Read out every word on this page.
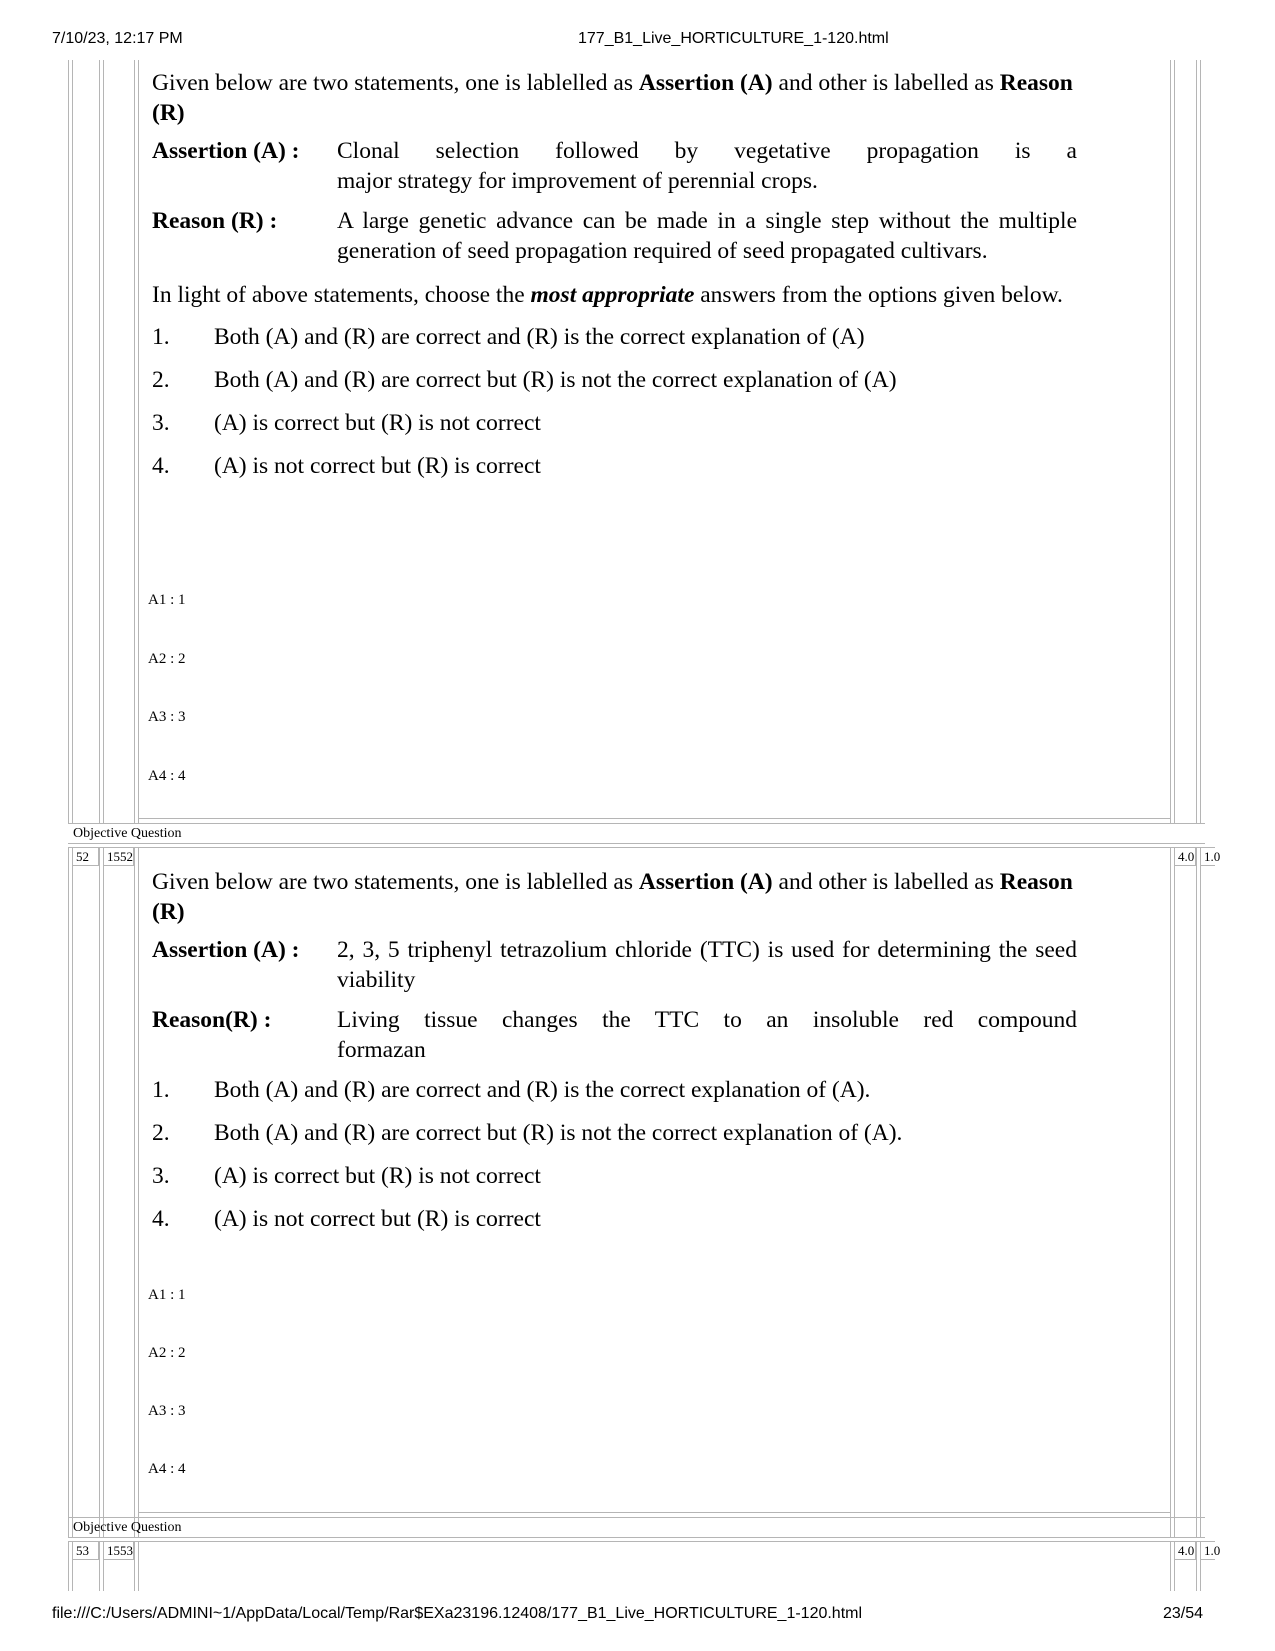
7/10/23, 12:17 PM	177_B1_Live_HORTICULTURE_1-120.html
file:///C:/Users/ADMINI~1/AppData/Local/Temp/Rar$EXa23196.12408/177_B1_Live_HORTICULTURE_1-120.html	23/54
Objective Question
Objective Question
52	1552	4.0 1.0
53	1553	4.0 1.0

Given below are two statements, one is lablelled as Assertion (A) and other is labelled as Reason (R)

Assertion (A) :	Clonal selection followed by vegetative propagation is a
major strategy for improvement of perennial crops.
Reason (R) :	A large genetic advance can be made in a single step without the multiple generation of seed propagation required of seed propagated cultivars.

In light of above statements, choose the most appropriate answers from the options given below.

1.	Both (A) and (R) are correct and (R) is the correct explanation of (A)
2.	Both (A) and (R) are correct but (R) is not the correct explanation of (A)
3.	(A) is correct but (R) is not correct
4.	(A) is not correct but (R) is correct
A1 : 1
A2 : 2
A3 : 3
A4 : 4

Given below are two statements, one is lablelled as Assertion (A) and other is labelled as Reason (R)

Assertion (A) :	2, 3, 5 triphenyl tetrazolium chloride (TTC) is used for determining the seed viability
Reason(R) :	Living tissue changes the TTC to an insoluble red compound
formazan
1.	Both (A) and (R) are correct and (R) is the correct explanation of (A).
2.	Both (A) and (R) are correct but (R) is not the correct explanation of (A).
3.	(A) is correct but (R) is not correct
4.	(A) is not correct but (R) is correct
A1 : 1
A2 : 2
A3 : 3
A4 : 4
